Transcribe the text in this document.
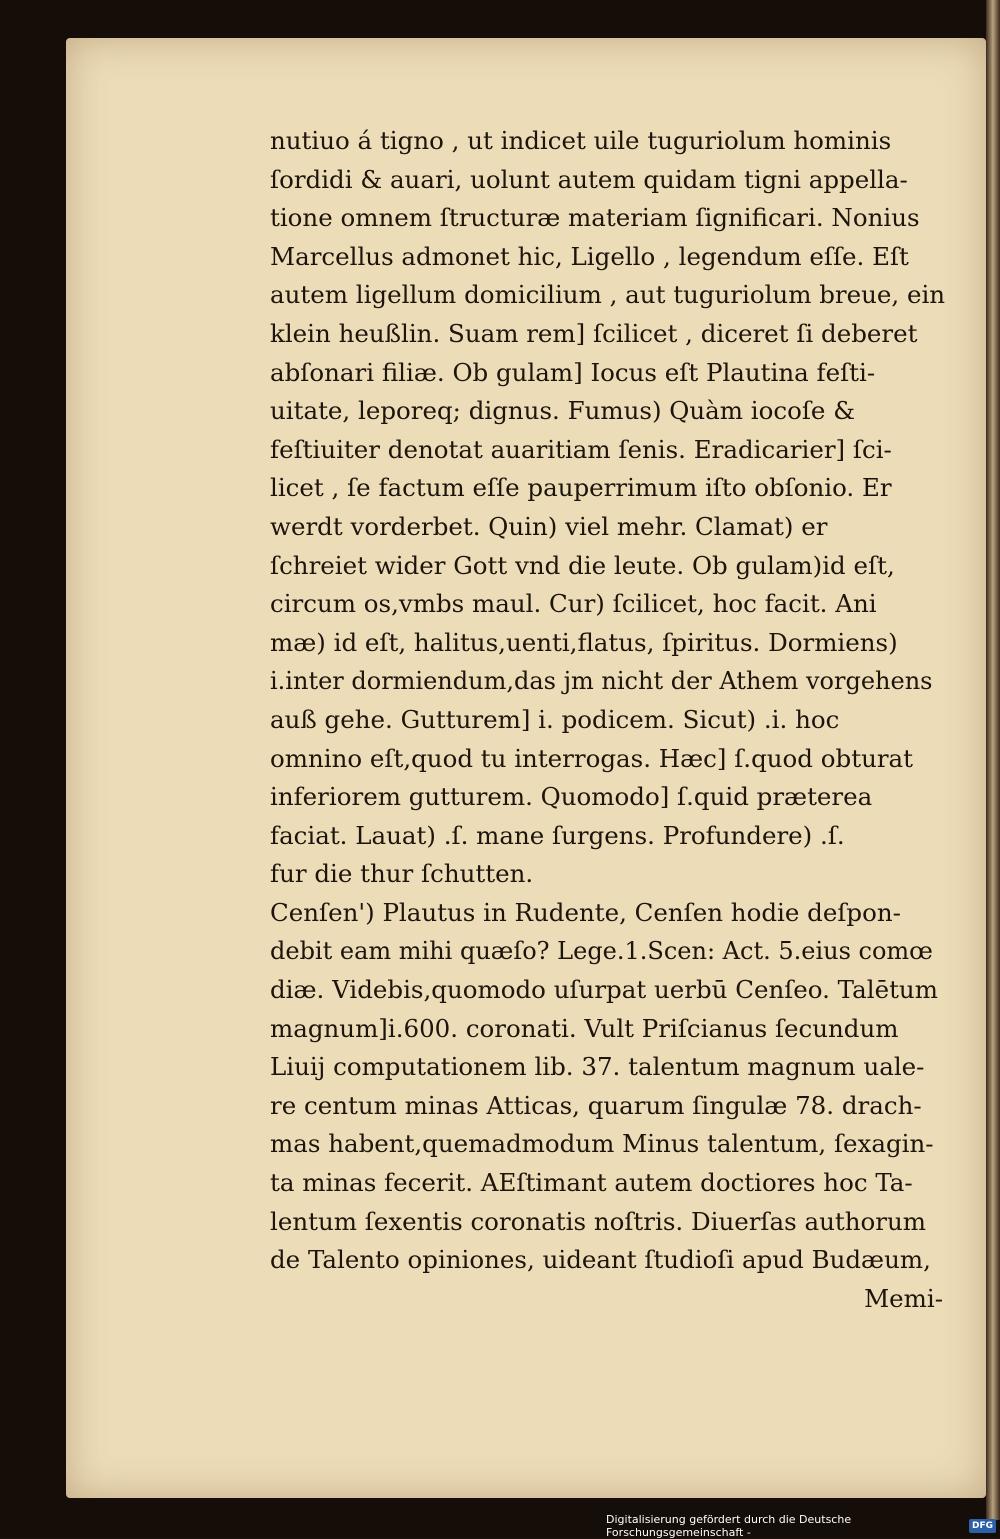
nutiuo á tigno , ut indicet uile tuguriolum hominis
ſordidi & auari, uolunt autem quidam tigni appella-
tione omnem ſtructuræ materiam ſignificari. Nonius
Marcellus admonet hic, Ligello , legendum eſſe. Eſt
autem ligellum domicilium , aut tuguriolum breue, ein
klein heußlin. Suam rem] ſcilicet , diceret ſi deberet
abſonari filiæ. Ob gulam] Iocus eſt Plautina feſti-
uitate, leporeq; dignus. Fumus) Quàm iocoſe &
feſtiuiter denotat auaritiam ſenis. Eradicarier] ſci-
licet , ſe factum eſſe pauperrimum iſto obſonio. Er
werdt vorderbet. Quin) viel mehr. Clamat) er
ſchreiet wider Gott vnd die leute. Ob gulam)id eſt,
circum os,vmbs maul. Cur) ſcilicet, hoc facit. Ani
mæ) id eſt, halitus,uenti,flatus, ſpiritus. Dormiens)
i.inter dormiendum,das jm nicht der Athem vorgehens
auß gehe. Gutturem] i. podicem. Sicut) .i. hoc
omnino eſt,quod tu interrogas. Hæc] ſ.quod obturat
inferiorem gutturem. Quomodo] ſ.quid præterea
faciat. Lauat) .ſ. mane ſurgens. Profundere) .ſ.
fur die thur ſchutten.
Cenſen') Plautus in Rudente, Cenſen hodie deſpon-
debit eam mihi quæſo? Lege.1.Scen: Act. 5.eius comœ
diæ. Videbis,quomodo uſurpat uerbū Cenſeo. Talētum
magnum]i.600. coronati. Vult Priſcianus ſecundum
Liuij computationem lib. 37. talentum magnum uale-
re centum minas Atticas, quarum ſingulæ 78. drach-
mas habent,quemadmodum Minus talentum, ſexagin-
ta minas fecerit. AEſtimant autem doctiores hoc Ta-
lentum ſexentis coronatis noſtris. Diuerſas authorum
de Talento opiniones, uideant ſtudioſi apud Budæum,
Memi-
Digitalisierung gefördert durch die Deutsche Forschungsgemeinschaft -	DFG
